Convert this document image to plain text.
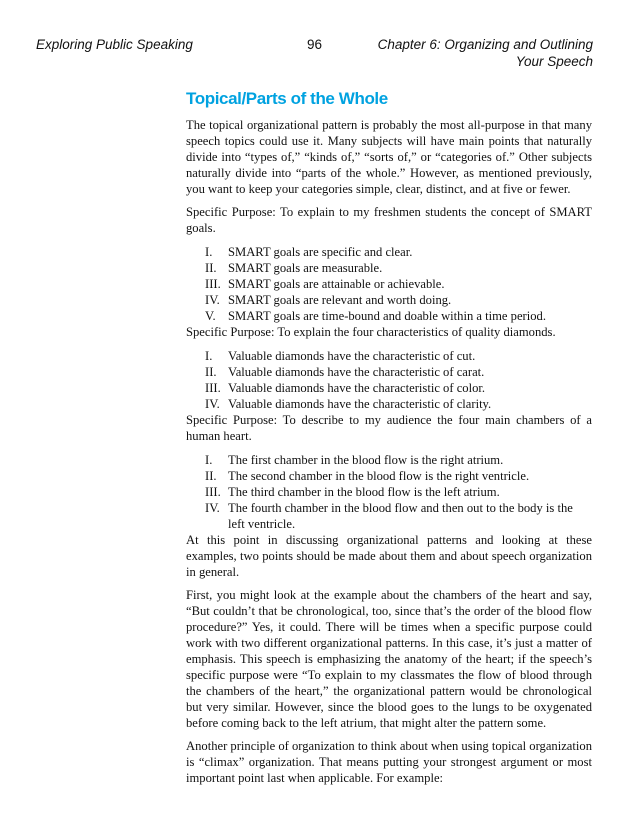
Exploring Public Speaking	96	Chapter 6: Organizing and Outlining
Your Speech
Topical/Parts of the Whole

The topical organizational pattern is probably the most all-purpose in that many speech topics could use it. Many subjects will have main points that naturally divide into “types of,” “kinds of,” “sorts of,” or “categories of.” Other subjects naturally divide into “parts of the whole.” However, as mentioned previously, you want to keep your categories simple, clear, distinct, and at five or fewer.

Specific Purpose: To explain to my freshmen students the concept of SMART goals.

I.	SMART goals are specific and clear.
II. SMART goals are measurable.
III. SMART goals are attainable or achievable.
IV. SMART goals are relevant and worth doing.
V. SMART goals are time-bound and doable within a time period.

Specific Purpose: To explain the four characteristics of quality diamonds.

I.	Valuable diamonds have the characteristic of cut.
II. Valuable diamonds have the characteristic of carat.
III. Valuable diamonds have the characteristic of color.
IV. Valuable diamonds have the characteristic of clarity.

Specific Purpose: To describe to my audience the four main chambers of a human heart.

I.	The first chamber in the blood flow is the right atrium.
II. The second chamber in the blood flow is the right ventricle.
III. The third chamber in the blood flow is the left atrium.
IV. The fourth chamber in the blood flow and then out to the body is the left ventricle.

At this point in discussing organizational patterns and looking at these examples, two points should be made about them and about speech organization in general.

First, you might look at the example about the chambers of the heart and say, “But couldn’t that be chronological, too, since that’s the order of the blood flow procedure?” Yes, it could. There will be times when a specific purpose could work with two different organizational patterns. In this case, it’s just a matter of emphasis. This speech is emphasizing the anatomy of the heart; if the speech’s specific purpose were “To explain to my classmates the flow of blood through the chambers of the heart,” the organizational pattern would be chronological but very similar. However, since the blood goes to the lungs to be oxygenated before coming back to the left atrium, that might alter the pattern some.

Another principle of organization to think about when using topical organization is “climax” organization. That means putting your strongest argument or most important point last when applicable. For example:
